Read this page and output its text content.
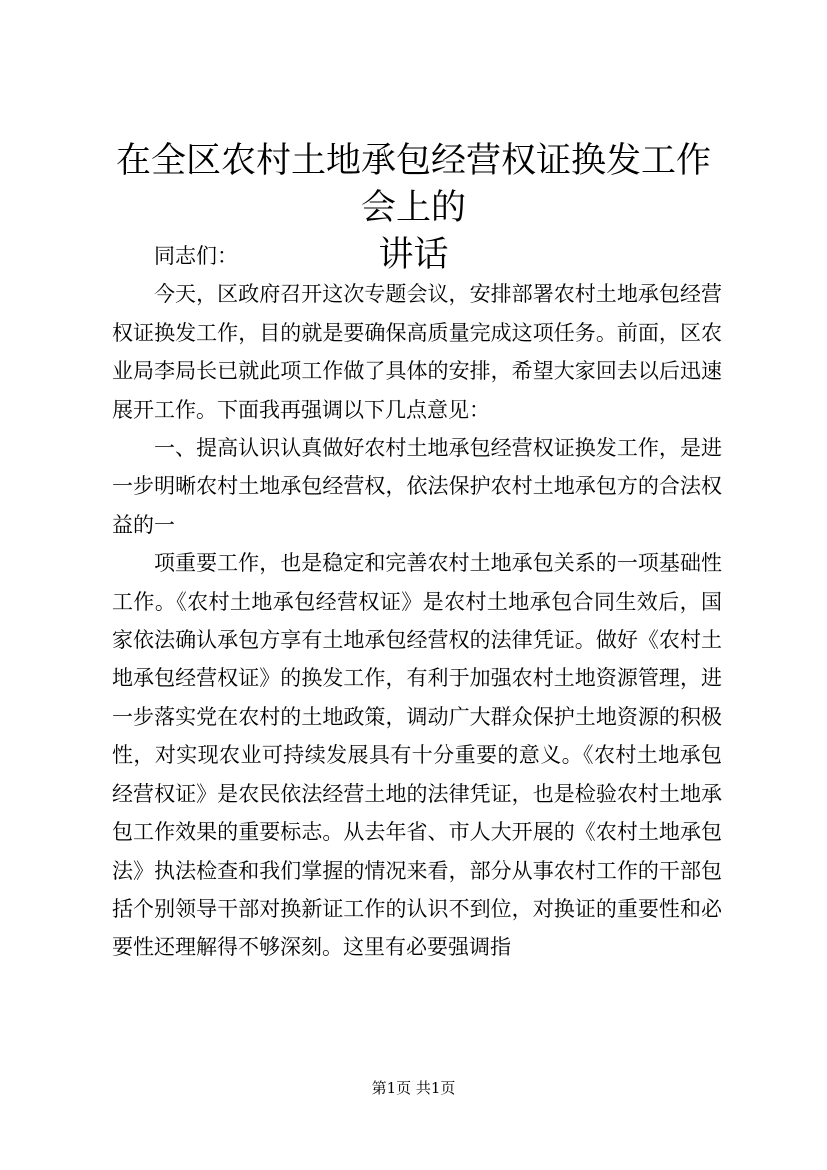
在全区农村土地承包经营权证换发工作会上的
讲话

同志们：

今天，区政府召开这次专题会议，安排部署农村土地承包经营权证换发工作，目的就是要确保高质量完成这项任务。前面，区农业局李局长已就此项工作做了具体的安排，希望大家回去以后迅速展开工作。下面我再强调以下几点意见：

一、提高认识认真做好农村土地承包经营权证换发工作，是进一步明晰农村土地承包经营权，依法保护农村土地承包方的合法权益的一

项重要工作，也是稳定和完善农村土地承包关系的一项基础性工作。《农村土地承包经营权证》是农村土地承包合同生效后，国家依法确认承包方享有土地承包经营权的法律凭证。做好《农村土地承包经营权证》的换发工作，有利于加强农村土地资源管理，进一步落实党在农村的土地政策，调动广大群众保护土地资源的积极性，对实现农业可持续发展具有十分重要的意义。《农村土地承包经营权证》是农民依法经营土地的法律凭证，也是检验农村土地承包工作效果的重要标志。从去年省、市人大开展的《农村土地承包法》执法检查和我们掌握的情况来看，部分从事农村工作的干部包括个别领导干部对换新证工作的认识不到位，对换证的重要性和必要性还理解得不够深刻。这里有必要强调指

第1页 共1页
